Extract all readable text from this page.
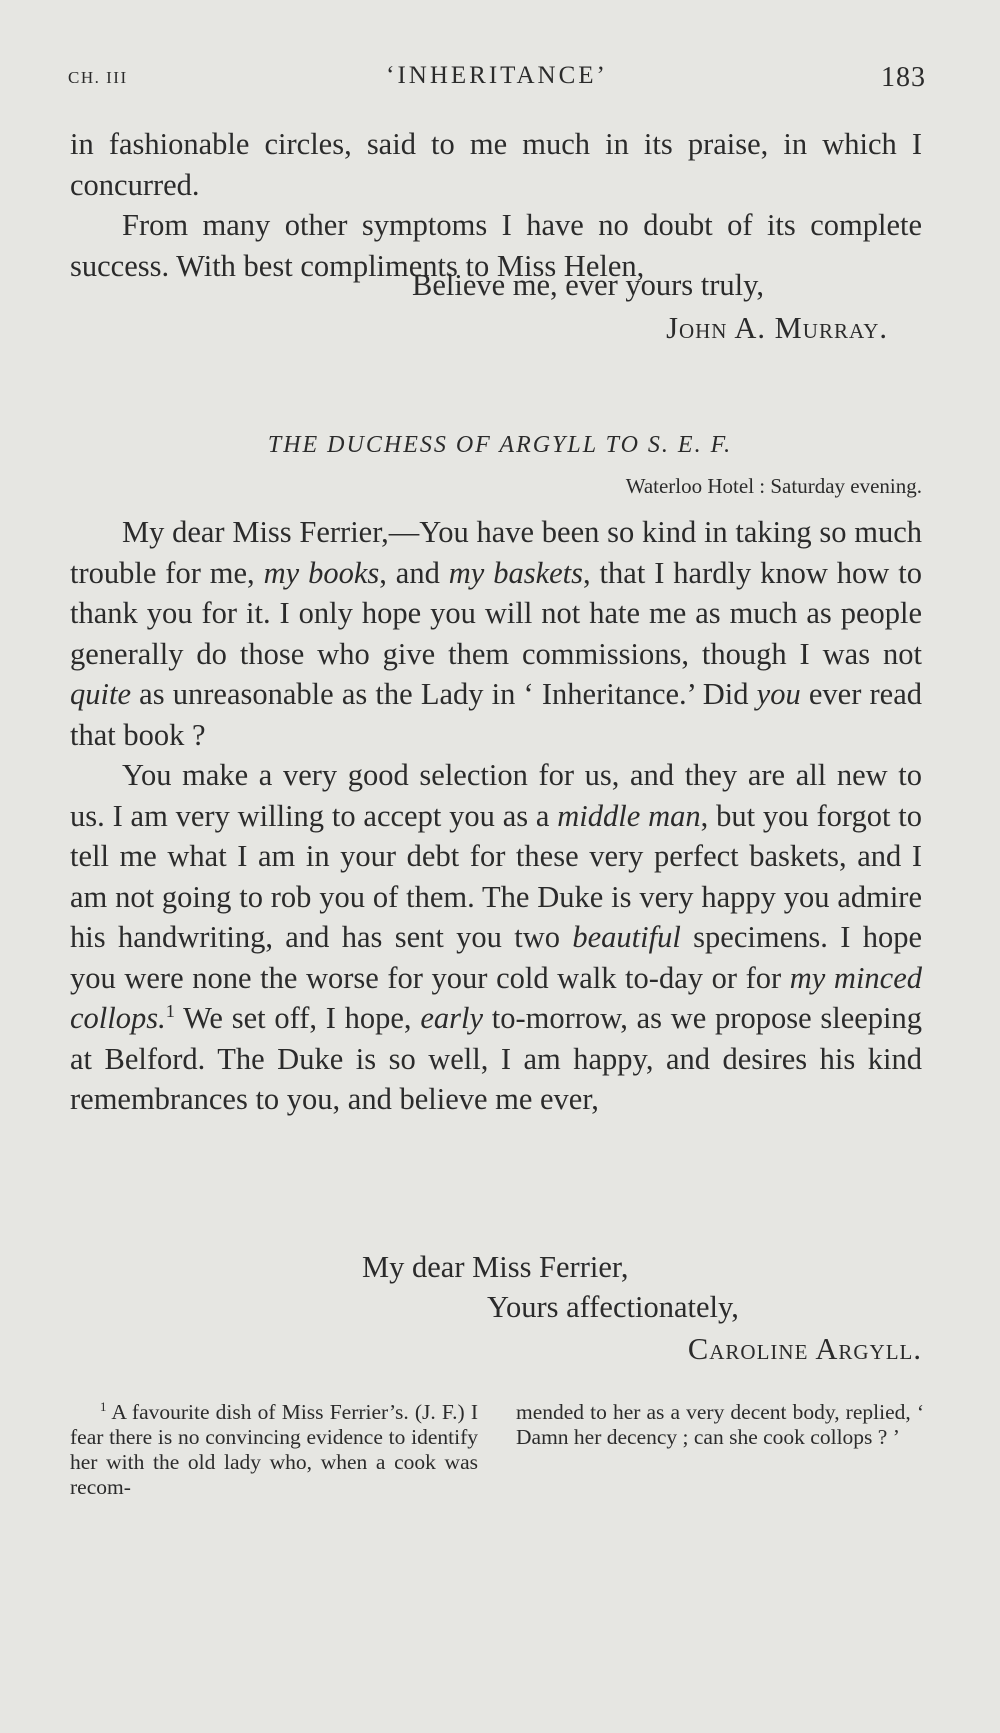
CH. III	‘INHERITANCE’	183

in fashionable circles, said to me much in its praise, in which I concurred.

From many other symptoms I have no doubt of its complete success. With best compliments to Miss Helen,

Believe me, ever yours truly,
John A. Murray.
THE DUCHESS OF ARGYLL TO S. E. F.
Waterloo Hotel : Saturday evening.

My dear Miss Ferrier,—You have been so kind in taking so much trouble for me, my books, and my baskets, that I hardly know how to thank you for it. I only hope you will not hate me as much as people generally do those who give them commissions, though I was not quite as unreasonable as the Lady in ‘ Inheritance.’ Did you ever read that book ?

You make a very good selection for us, and they are all new to us. I am very willing to accept you as a middle man, but you forgot to tell me what I am in your debt for these very perfect baskets, and I am not going to rob you of them. The Duke is very happy you admire his handwriting, and has sent you two beautiful specimens. I hope you were none the worse for your cold walk to-day or for my minced collops.$^1$ We set off, I hope, early to-morrow, as we propose sleeping at Belford. The Duke is so well, I am happy, and desires his kind remembrances to you, and believe me ever,

My dear Miss Ferrier,
Yours affectionately,
Caroline Argyll.

$^1$ A favourite dish of Miss Ferrier’s. (J. F.) I fear there is no convincing evidence to identify her with the old lady who, when a cook was recom-

mended to her as a very decent body, replied, ‘ Damn her decency ; can she cook collops ? ’
